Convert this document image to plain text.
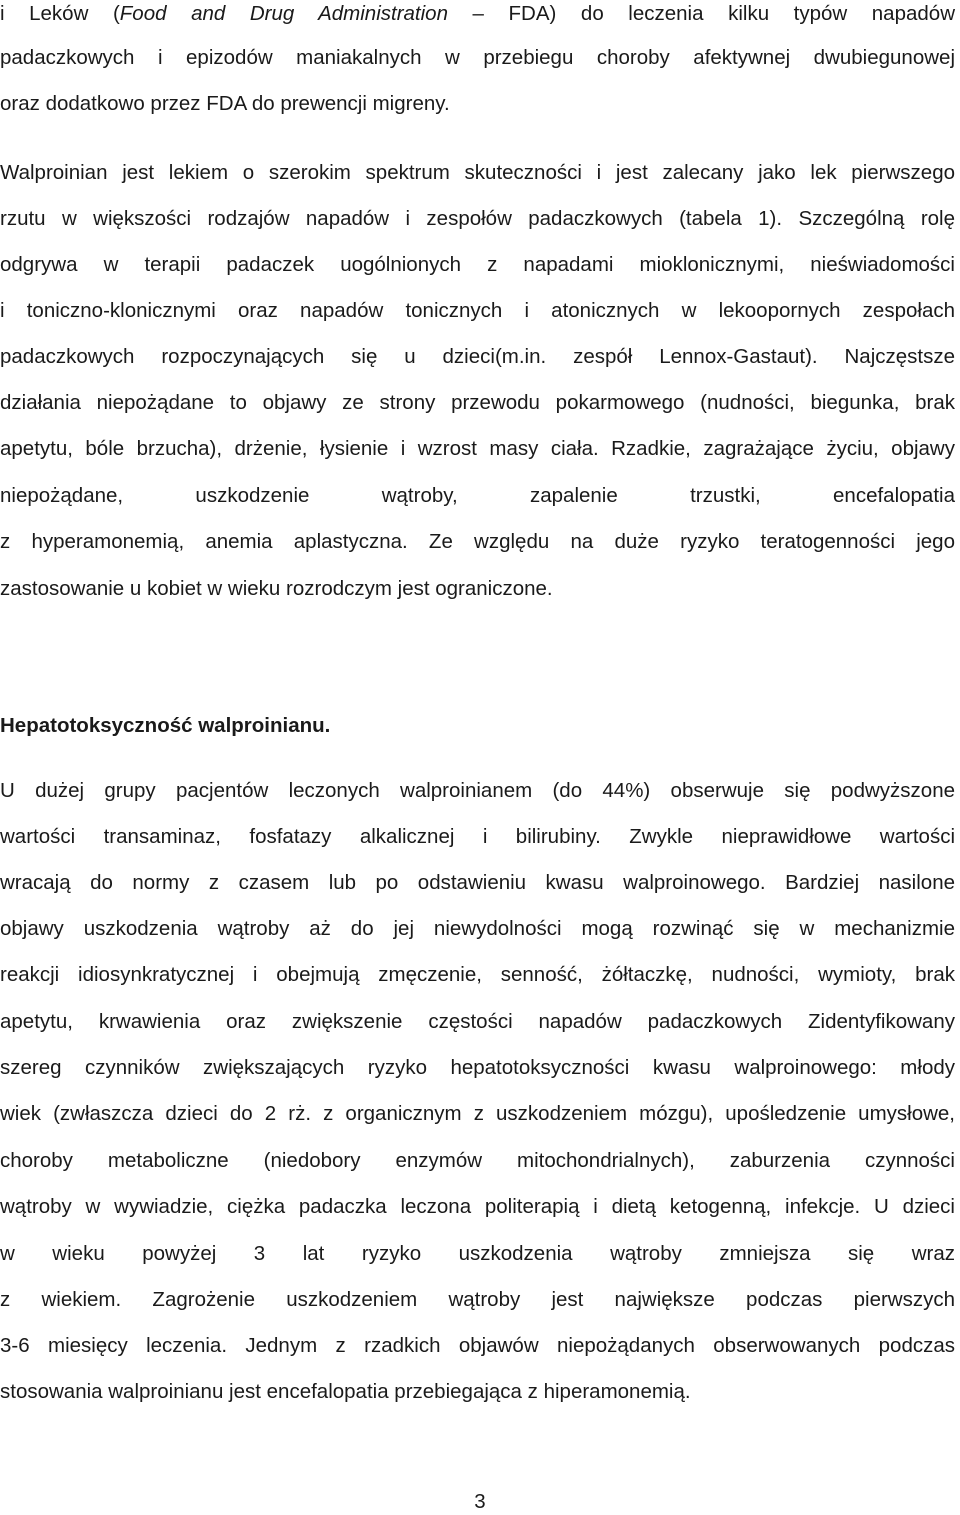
i Leków (Food and Drug Administration – FDA) do leczenia kilku typów napadów
padaczkowych i epizodów maniakalnych w przebiegu choroby afektywnej dwubiegunowej
oraz dodatkowo przez FDA do prewencji migreny.
Walproinian jest lekiem o szerokim spektrum skuteczności i jest zalecany jako lek pierwszego
rzutu w większości rodzajów napadów i zespołów padaczkowych (tabela 1). Szczególną rolę
odgrywa w terapii padaczek uogólnionych z napadami mioklonicznymi, nieświadomości
i toniczno-klonicznymi oraz napadów tonicznych i atonicznych w lekoopornych zespołach
padaczkowych rozpoczynających się u dzieci(m.in. zespół Lennox-Gastaut). Najczęstsze
działania niepożądane to objawy ze strony przewodu pokarmowego (nudności, biegunka, brak
apetytu, bóle brzucha), drżenie, łysienie i wzrost masy ciała. Rzadkie, zagrażające życiu, objawy
niepożądane, uszkodzenie wątroby, zapalenie trzustki, encefalopatia
z hyperamonemią, anemia aplastyczna. Ze względu na duże ryzyko teratogenności jego
zastosowanie u kobiet w wieku rozrodczym jest ograniczone.
Hepatotoksyczność walproinianu.
U dużej grupy pacjentów leczonych walproinianem (do 44%) obserwuje się podwyższone
wartości transaminaz, fosfatazy alkalicznej i bilirubiny. Zwykle nieprawidłowe wartości
wracają do normy z czasem lub po odstawieniu kwasu walproinowego. Bardziej nasilone
objawy uszkodzenia wątroby aż do jej niewydolności mogą rozwinąć się w mechanizmie
reakcji idiosynkratycznej i obejmują zmęczenie, senność, żółtaczkę, nudności, wymioty, brak
apetytu, krwawienia oraz zwiększenie częstości napadów padaczkowych Zidentyfikowany
szereg czynników zwiększających ryzyko hepatotoksyczności kwasu walproinowego: młody
wiek (zwłaszcza dzieci do 2 rż. z organicznym z uszkodzeniem mózgu), upośledzenie umysłowe,
choroby metaboliczne (niedobory enzymów mitochondrialnych), zaburzenia czynności
wątroby w wywiadzie, ciężka padaczka leczona politerapią i dietą ketogenną, infekcje. U dzieci
w wieku powyżej 3 lat ryzyko uszkodzenia wątroby zmniejsza się wraz
z wiekiem. Zagrożenie uszkodzeniem wątroby jest największe podczas pierwszych
3-6 miesięcy leczenia. Jednym z rzadkich objawów niepożądanych obserwowanych podczas
stosowania walproinianu jest encefalopatia przebiegająca z hiperamonemią.
3
